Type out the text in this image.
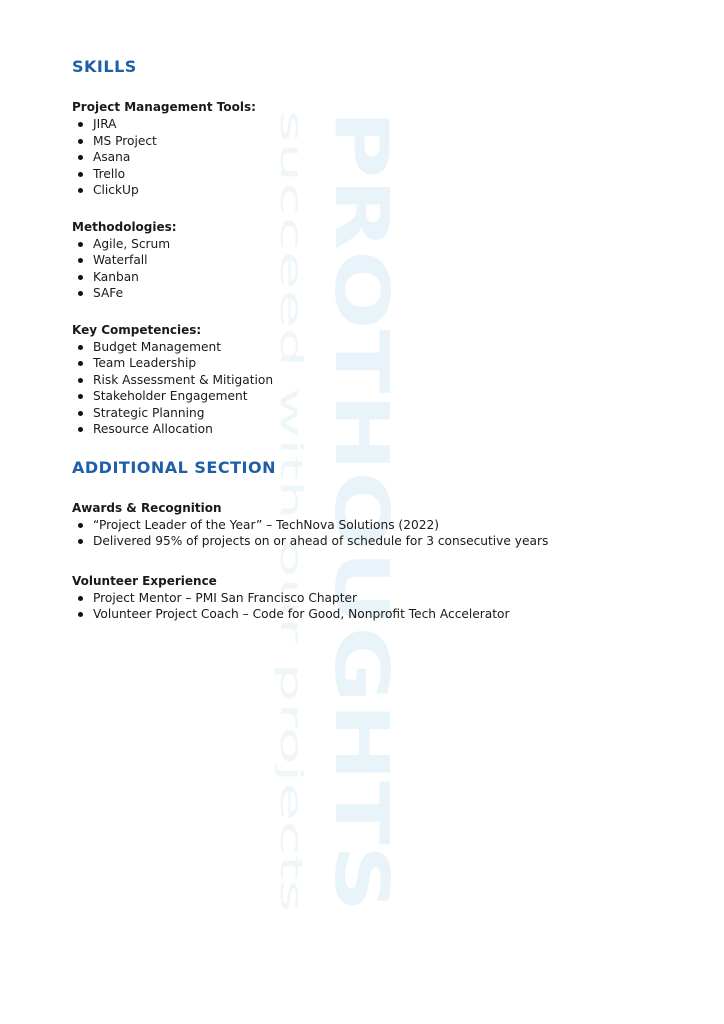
PROTHOUGHTS
succeed with our projects
SKILLS

Project Management Tools:

JIRA
MS Project
Asana
Trello
ClickUp

Methodologies:

Agile, Scrum
Waterfall
Kanban
SAFe

Key Competencies:

Budget Management
Team Leadership
Risk Assessment & Mitigation
Stakeholder Engagement
Strategic Planning
Resource Allocation
ADDITIONAL SECTION

Awards & Recognition

“Project Leader of the Year” – TechNova Solutions (2022)
Delivered 95% of projects on or ahead of schedule for 3 consecutive years

Volunteer Experience

Project Mentor – PMI San Francisco Chapter
Volunteer Project Coach – Code for Good, Nonprofit Tech Accelerator
